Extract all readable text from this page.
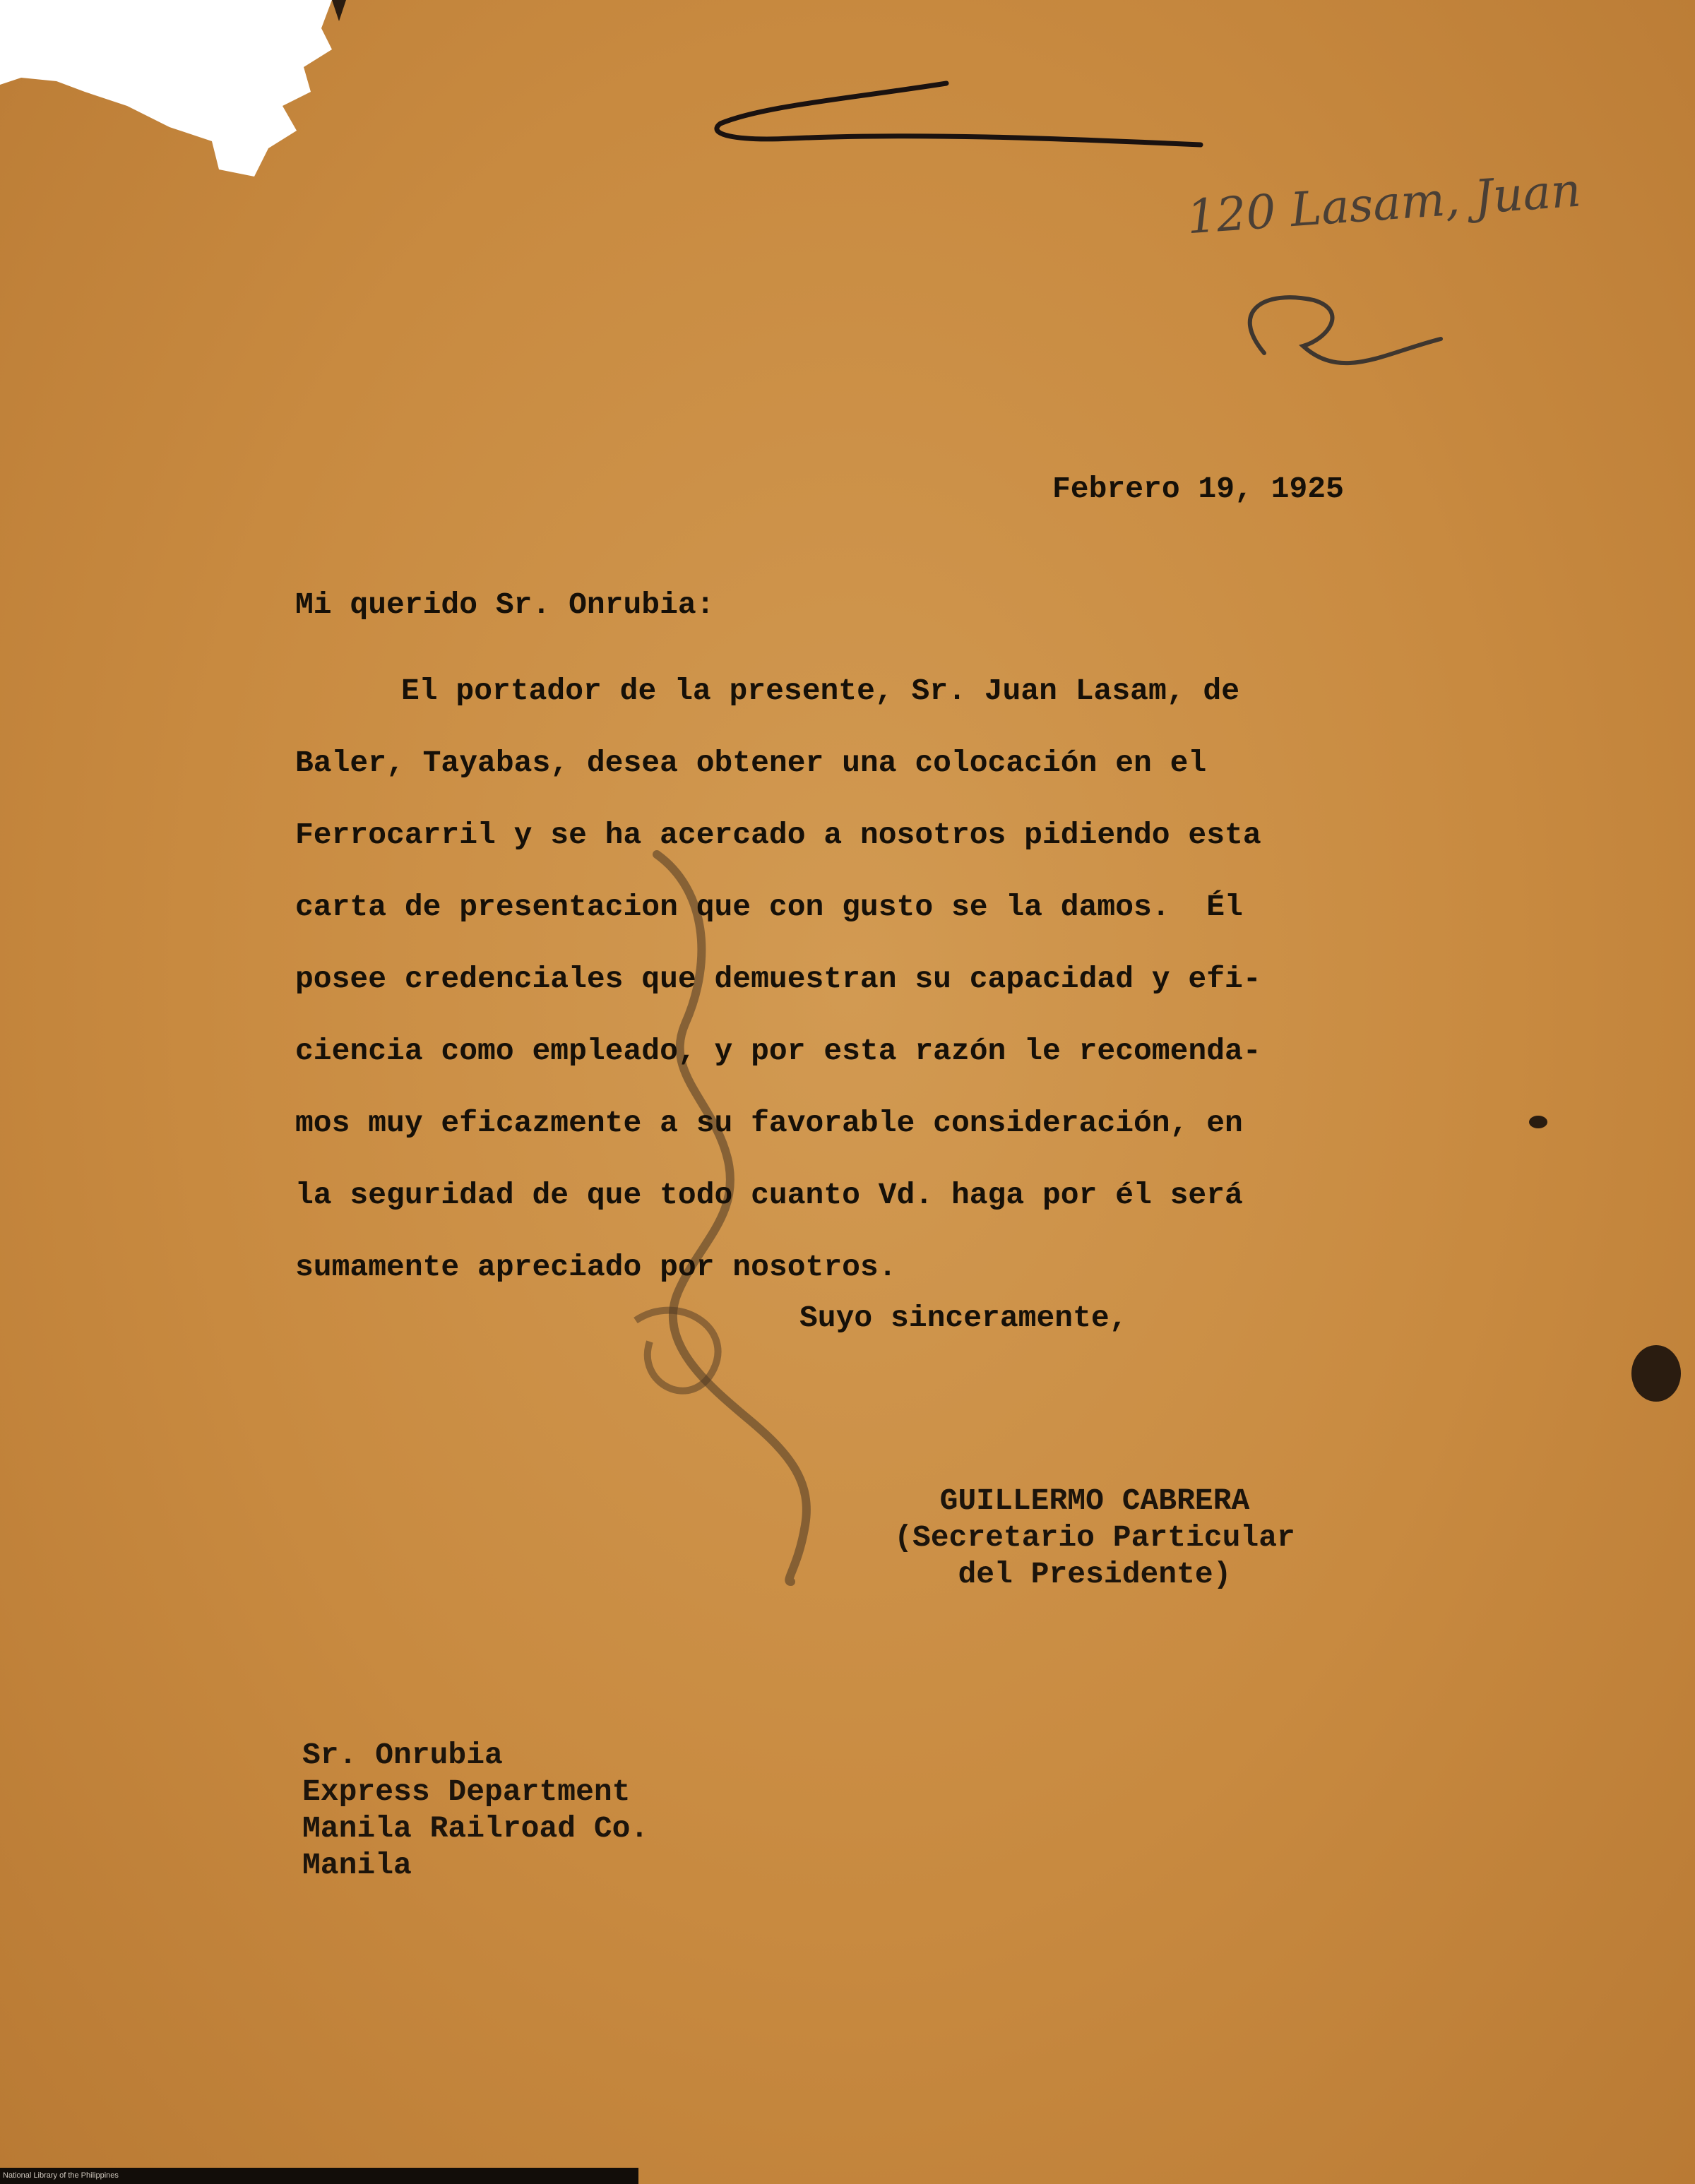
120 Lasam, Juan
Febrero 19, 1925
Mi querido Sr. Onrubia:
El portador de la presente, Sr. Juan Lasam, de
Baler, Tayabas, desea obtener una colocación en el
Ferrocarril y se ha acercado a nosotros pidiendo esta
carta de presentacion que con gusto se la damos.  Él
posee credenciales que demuestran su capacidad y efi-
ciencia como empleado, y por esta razón le recomenda-
mos muy eficazmente a su favorable consideración, en
la seguridad de que todo cuanto Vd. haga por él será
sumamente apreciado por nosotros.
Suyo sinceramente,
GUILLERMO CABRERA
(Secretario Particular
del Presidente)
Sr. Onrubia
Express Department
Manila Railroad Co.
Manila
National Library of the Philippines
